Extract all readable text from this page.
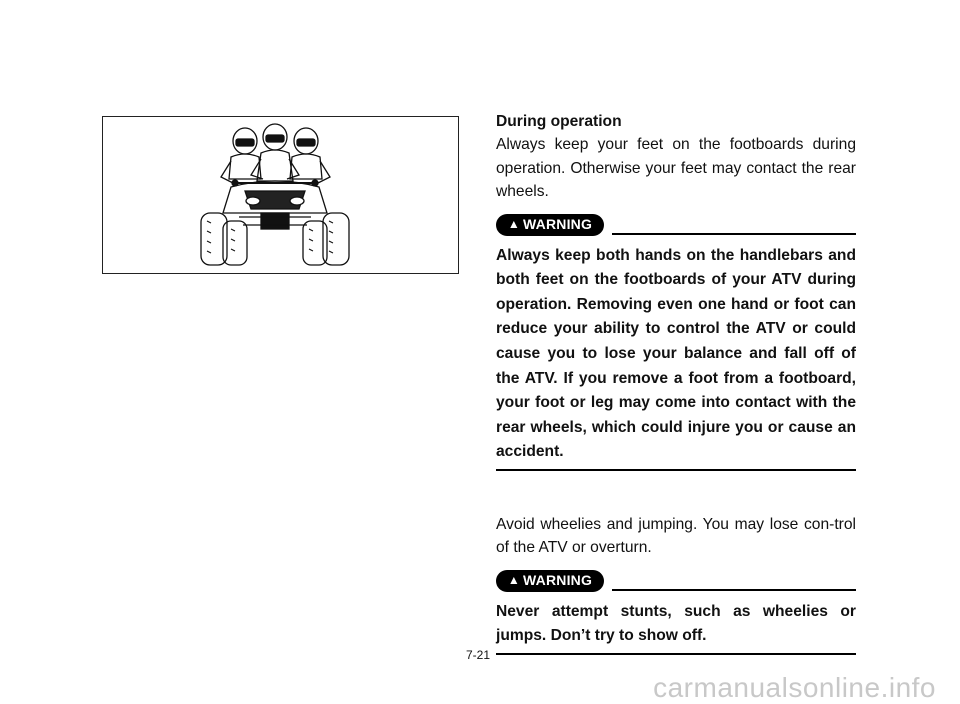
During operation

Always keep your feet on the footboards during operation. Otherwise your feet may contact the rear wheels.

▲ WARNING

Always keep both hands on the handlebars and both feet on the footboards of your ATV during operation. Removing even one hand or foot can reduce your ability to control the ATV or could cause you to lose your balance and fall off of the ATV. If you remove a foot from a footboard, your foot or leg may come into contact with the rear wheels, which could injure you or cause an accident.

Avoid wheelies and jumping. You may lose con-trol of the ATV or overturn.

▲ WARNING

Never attempt stunts, such as wheelies or jumps. Don’t try to show off.

7-21
carmanualsonline.info
